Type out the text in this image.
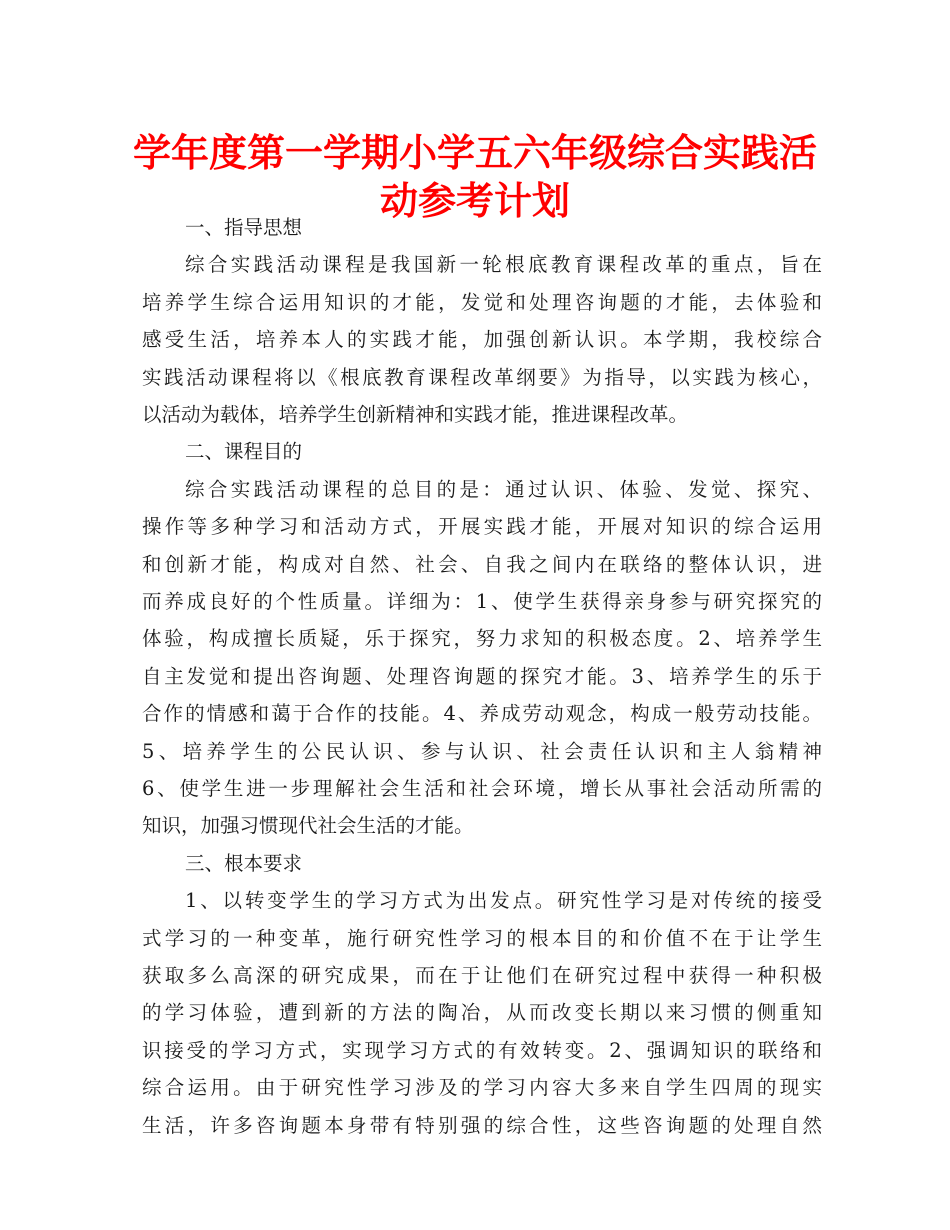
学年度第一学期小学五六年级综合实践活
动参考计划

一、指导思想

综合实践活动课程是我国新一轮根底教育课程改革的重点，旨在

培养学生综合运用知识的才能，发觉和处理咨询题的才能，去体验和

感受生活，培养本人的实践才能，加强创新认识。本学期，我校综合

实践活动课程将以《根底教育课程改革纲要》为指导，以实践为核心，

以活动为载体，培养学生创新精神和实践才能，推进课程改革。

二、课程目的

综合实践活动课程的总目的是：通过认识、体验、发觉、探究、

操作等多种学习和活动方式，开展实践才能，开展对知识的综合运用

和创新才能，构成对自然、社会、自我之间内在联络的整体认识，进

而养成良好的个性质量。详细为：1、使学生获得亲身参与研究探究的

体验，构成擅长质疑，乐于探究，努力求知的积极态度。2、培养学生

自主发觉和提出咨询题、处理咨询题的探究才能。3、培养学生的乐于

合作的情感和蔼于合作的技能。4、养成劳动观念，构成一般劳动技能。

5、培养学生的公民认识、参与认识、社会责任认识和主人翁精神

6、使学生进一步理解社会生活和社会环境，增长从事社会活动所需的

知识，加强习惯现代社会生活的才能。

三、根本要求

1、以转变学生的学习方式为出发点。研究性学习是对传统的接受

式学习的一种变革，施行研究性学习的根本目的和价值不在于让学生

获取多么高深的研究成果，而在于让他们在研究过程中获得一种积极

的学习体验，遭到新的方法的陶冶，从而改变长期以来习惯的侧重知

识接受的学习方式，实现学习方式的有效转变。2、强调知识的联络和

综合运用。由于研究性学习涉及的学习内容大多来自学生四周的现实

生活，许多咨询题本身带有特别强的综合性，这些咨询题的处理自然
